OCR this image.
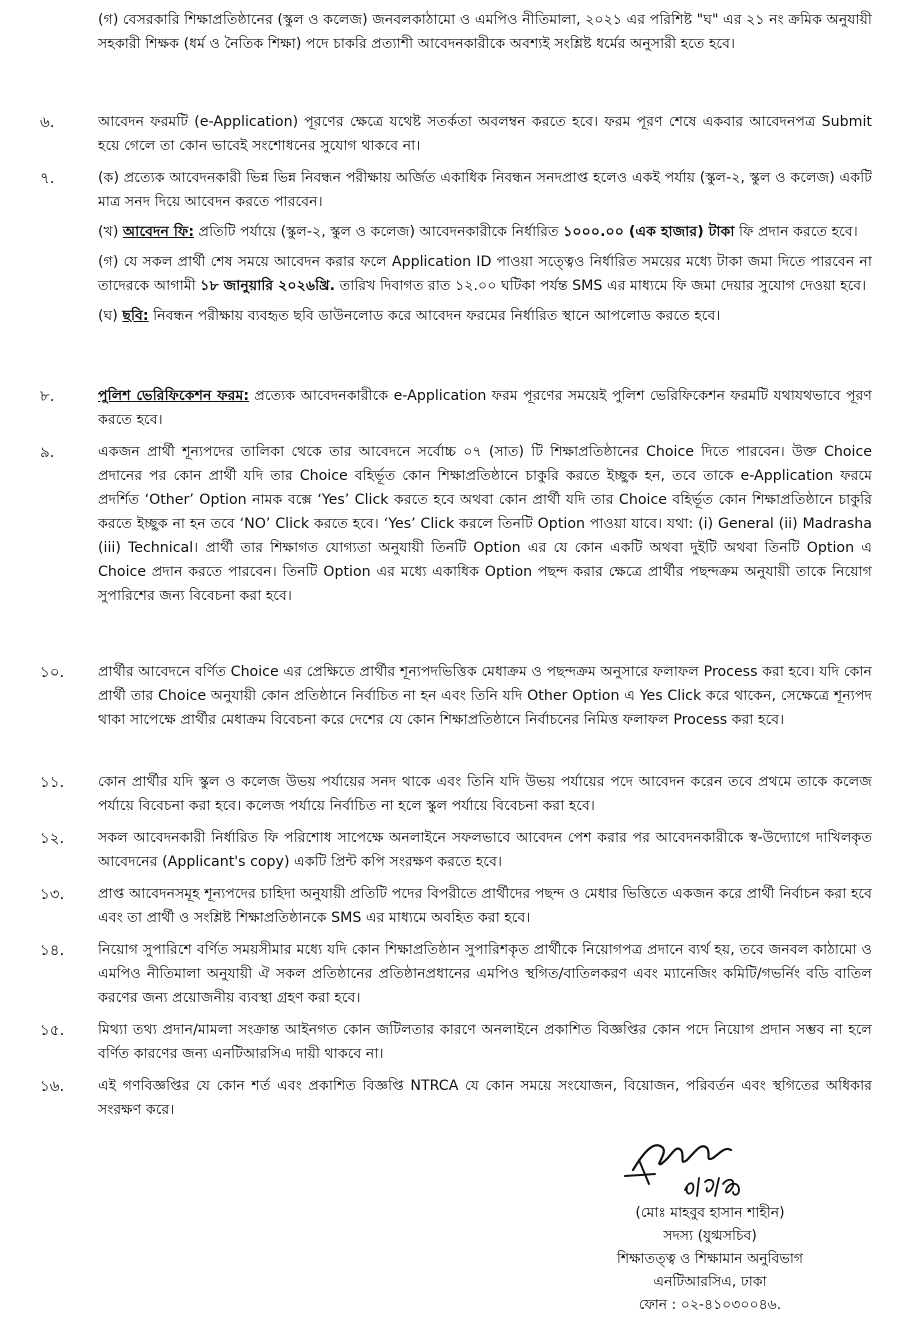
(গ) বেসরকারি শিক্ষাপ্রতিষ্ঠানের (স্কুল ও কলেজ) জনবলকাঠামো ও এমপিও নীতিমালা, ২০২১ এর পরিশিষ্ট "ঘ" এর ২১ নং ক্রমিক অনুযায়ী সহকারী শিক্ষক (ধর্ম ও নৈতিক শিক্ষা) পদে চাকরি প্রত্যাশী আবেদনকারীকে অবশ্যই সংশ্লিষ্ট ধর্মের অনুসারী হতে হবে।
৬.	আবেদন ফরমটি (e-Application) পূরণের ক্ষেত্রে যথেষ্ট সতর্কতা অবলম্বন করতে হবে। ফরম পূরণ শেষে একবার আবেদনপত্র Submit হয়ে গেলে তা কোন ভাবেই সংশোধনের সুযোগ থাকবে না।
৭.	(ক) প্রত্যেক আবেদনকারী ভিন্ন ভিন্ন নিবন্ধন পরীক্ষায় অর্জিত একাধিক নিবন্ধন সনদপ্রাপ্ত হলেও একই পর্যায় (স্কুল-২, স্কুল ও কলেজ) একটি মাত্র সনদ দিয়ে আবেদন করতে পারবেন।

(খ) আবেদন ফি: প্রতিটি পর্যায়ে (স্কুল-২, স্কুল ও কলেজ) আবেদনকারীকে নির্ধারিত ১০০০.০০ (এক হাজার) টাকা ফি প্রদান করতে হবে।

(গ) যে সকল প্রার্থী শেষ সময়ে আবেদন করার ফলে Application ID পাওয়া সত্ত্বেও নির্ধারিত সময়ের মধ্যে টাকা জমা দিতে পারবেন না তাদেরকে আগামী ১৮ জানুয়ারি ২০২৬খ্রি. তারিখ দিবাগত রাত ১২.০০ ঘটিকা পর্যন্ত SMS এর মাধ্যমে ফি জমা দেয়ার সুযোগ দেওয়া হবে।

(ঘ) ছবি: নিবন্ধন পরীক্ষায় ব্যবহৃত ছবি ডাউনলোড করে আবেদন ফরমের নির্ধারিত স্থানে আপলোড করতে হবে।

৮.	পুলিশ ভেরিফিকেশন ফরম: প্রত্যেক আবেদনকারীকে e-Application ফরম পূরণের সময়েই পুলিশ ভেরিফিকেশন ফরমটি যথাযথভাবে পূরণ করতে হবে।
৯.	একজন প্রার্থী শূন্যপদের তালিকা থেকে তার আবেদনে সর্বোচ্চ ০৭ (সাত) টি শিক্ষাপ্রতিষ্ঠানের Choice দিতে পারবেন। উক্ত Choice প্রদানের পর কোন প্রার্থী যদি তার Choice বহির্ভূত কোন শিক্ষাপ্রতিষ্ঠানে চাকুরি করতে ইচ্ছুক হন, তবে তাকে e-Application ফরমে প্রদর্শিত ‘Other’ Option নামক বক্সে ‘Yes’ Click করতে হবে অথবা কোন প্রার্থী যদি তার Choice বহির্ভূত কোন শিক্ষাপ্রতিষ্ঠানে চাকুরি করতে ইচ্ছুক না হন তবে ‘NO’ Click করতে হবে। ‘Yes’ Click করলে তিনটি Option পাওয়া যাবে। যথা: (i) General (ii) Madrasha (iii) Technical। প্রার্থী তার শিক্ষাগত যোগ্যতা অনুযায়ী তিনটি Option এর যে কোন একটি অথবা দুইটি অথবা তিনটি Option এ Choice প্রদান করতে পারবেন। তিনটি Option এর মধ্যে একাধিক Option পছন্দ করার ক্ষেত্রে প্রার্থীর পছন্দক্রম অনুযায়ী তাকে নিয়োগ সুপারিশের জন্য বিবেচনা করা হবে।
১০.	প্রার্থীর আবেদনে বর্ণিত Choice এর প্রেক্ষিতে প্রার্থীর শূন্যপদভিত্তিক মেধাক্রম ও পছন্দক্রম অনুসারে ফলাফল Process করা হবে। যদি কোন প্রার্থী তার Choice অনুযায়ী কোন প্রতিষ্ঠানে নির্বাচিত না হন এবং তিনি যদি Other Option এ Yes Click করে থাকেন, সেক্ষেত্রে শূন্যপদ থাকা সাপেক্ষে প্রার্থীর মেধাক্রম বিবেচনা করে দেশের যে কোন শিক্ষাপ্রতিষ্ঠানে নির্বাচনের নিমিত্ত ফলাফল Process করা হবে।
১১.	কোন প্রার্থীর যদি স্কুল ও কলেজ উভয় পর্যায়ের সনদ থাকে এবং তিনি যদি উভয় পর্যায়ের পদে আবেদন করেন তবে প্রথমে তাকে কলেজ পর্যায়ে বিবেচনা করা হবে। কলেজ পর্যায়ে নির্বাচিত না হলে স্কুল পর্যায়ে বিবেচনা করা হবে।
১২.	সকল আবেদনকারী নির্ধারিত ফি পরিশোধ সাপেক্ষে অনলাইনে সফলভাবে আবেদন পেশ করার পর আবেদনকারীকে স্ব-উদ্যোগে দাখিলকৃত আবেদনের (Applicant's copy) একটি প্রিন্ট কপি সংরক্ষণ করতে হবে।
১৩.	প্রাপ্ত আবেদনসমূহ শূন্যপদের চাহিদা অনুযায়ী প্রতিটি পদের বিপরীতে প্রার্থীদের পছন্দ ও মেধার ভিত্তিতে একজন করে প্রার্থী নির্বাচন করা হবে এবং তা প্রার্থী ও সংশ্লিষ্ট শিক্ষাপ্রতিষ্ঠানকে SMS এর মাধ্যমে অবহিত করা হবে।
১৪.	নিয়োগ সুপারিশে বর্ণিত সময়সীমার মধ্যে যদি কোন শিক্ষাপ্রতিষ্ঠান সুপারিশকৃত প্রার্থীকে নিয়োগপত্র প্রদানে ব্যর্থ হয়, তবে জনবল কাঠামো ও এমপিও নীতিমালা অনুযায়ী ঐ সকল প্রতিষ্ঠানের প্রতিষ্ঠানপ্রধানের এমপিও স্থগিত/বাতিলকরণ এবং ম্যানেজিং কমিটি/গভর্নিং বডি বাতিল করণের জন্য প্রয়োজনীয় ব্যবস্থা গ্রহণ করা হবে।
১৫.	মিথ্যা তথ্য প্রদান/মামলা সংক্রান্ত আইনগত কোন জটিলতার কারণে অনলাইনে প্রকাশিত বিজ্ঞপ্তির কোন পদে নিয়োগ প্রদান সম্ভব না হলে বর্ণিত কারণের জন্য এনটিআরসিএ দায়ী থাকবে না।
১৬.	এই গণবিজ্ঞপ্তির যে কোন শর্ত এবং প্রকাশিত বিজ্ঞপ্তি NTRCA যে কোন সময়ে সংযোজন, বিয়োজন, পরিবর্তন এবং স্থগিতের অধিকার সংরক্ষণ করে।
(মোঃ মাহবুব হাসান শাহীন)
সদস্য (যুগ্মসচিব)
শিক্ষাতত্ত্ব ও শিক্ষামান অনুবিভাগ
এনটিআরসিএ, ঢাকা
ফোন : ০২-৪১০৩০০৪৬.
